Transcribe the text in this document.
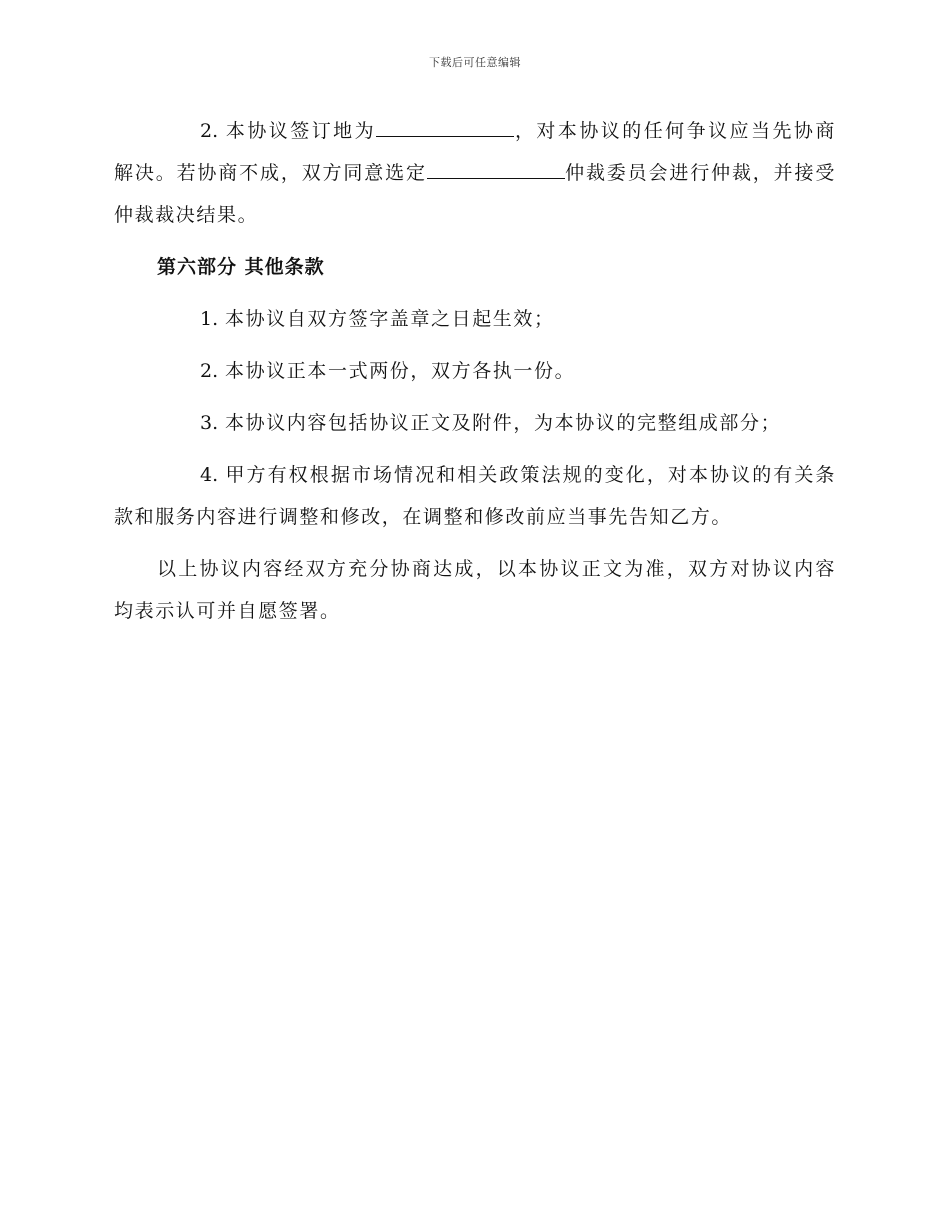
下载后可任意编辑

2. 本协议签订地为	，对本协议的任何争议应当先协商解决。若协商不成，双方同意选定	仲裁委员会进行仲裁，并接受仲裁裁决结果。

第六部分 其他条款

1. 本协议自双方签字盖章之日起生效；

2. 本协议正本一式两份，双方各执一份。

3. 本协议内容包括协议正文及附件，为本协议的完整组成部分；

4. 甲方有权根据市场情况和相关政策法规的变化，对本协议的有关条款和服务内容进行调整和修改，在调整和修改前应当事先告知乙方。

以上协议内容经双方充分协商达成，以本协议正文为准，双方对协议内容均表示认可并自愿签署。
